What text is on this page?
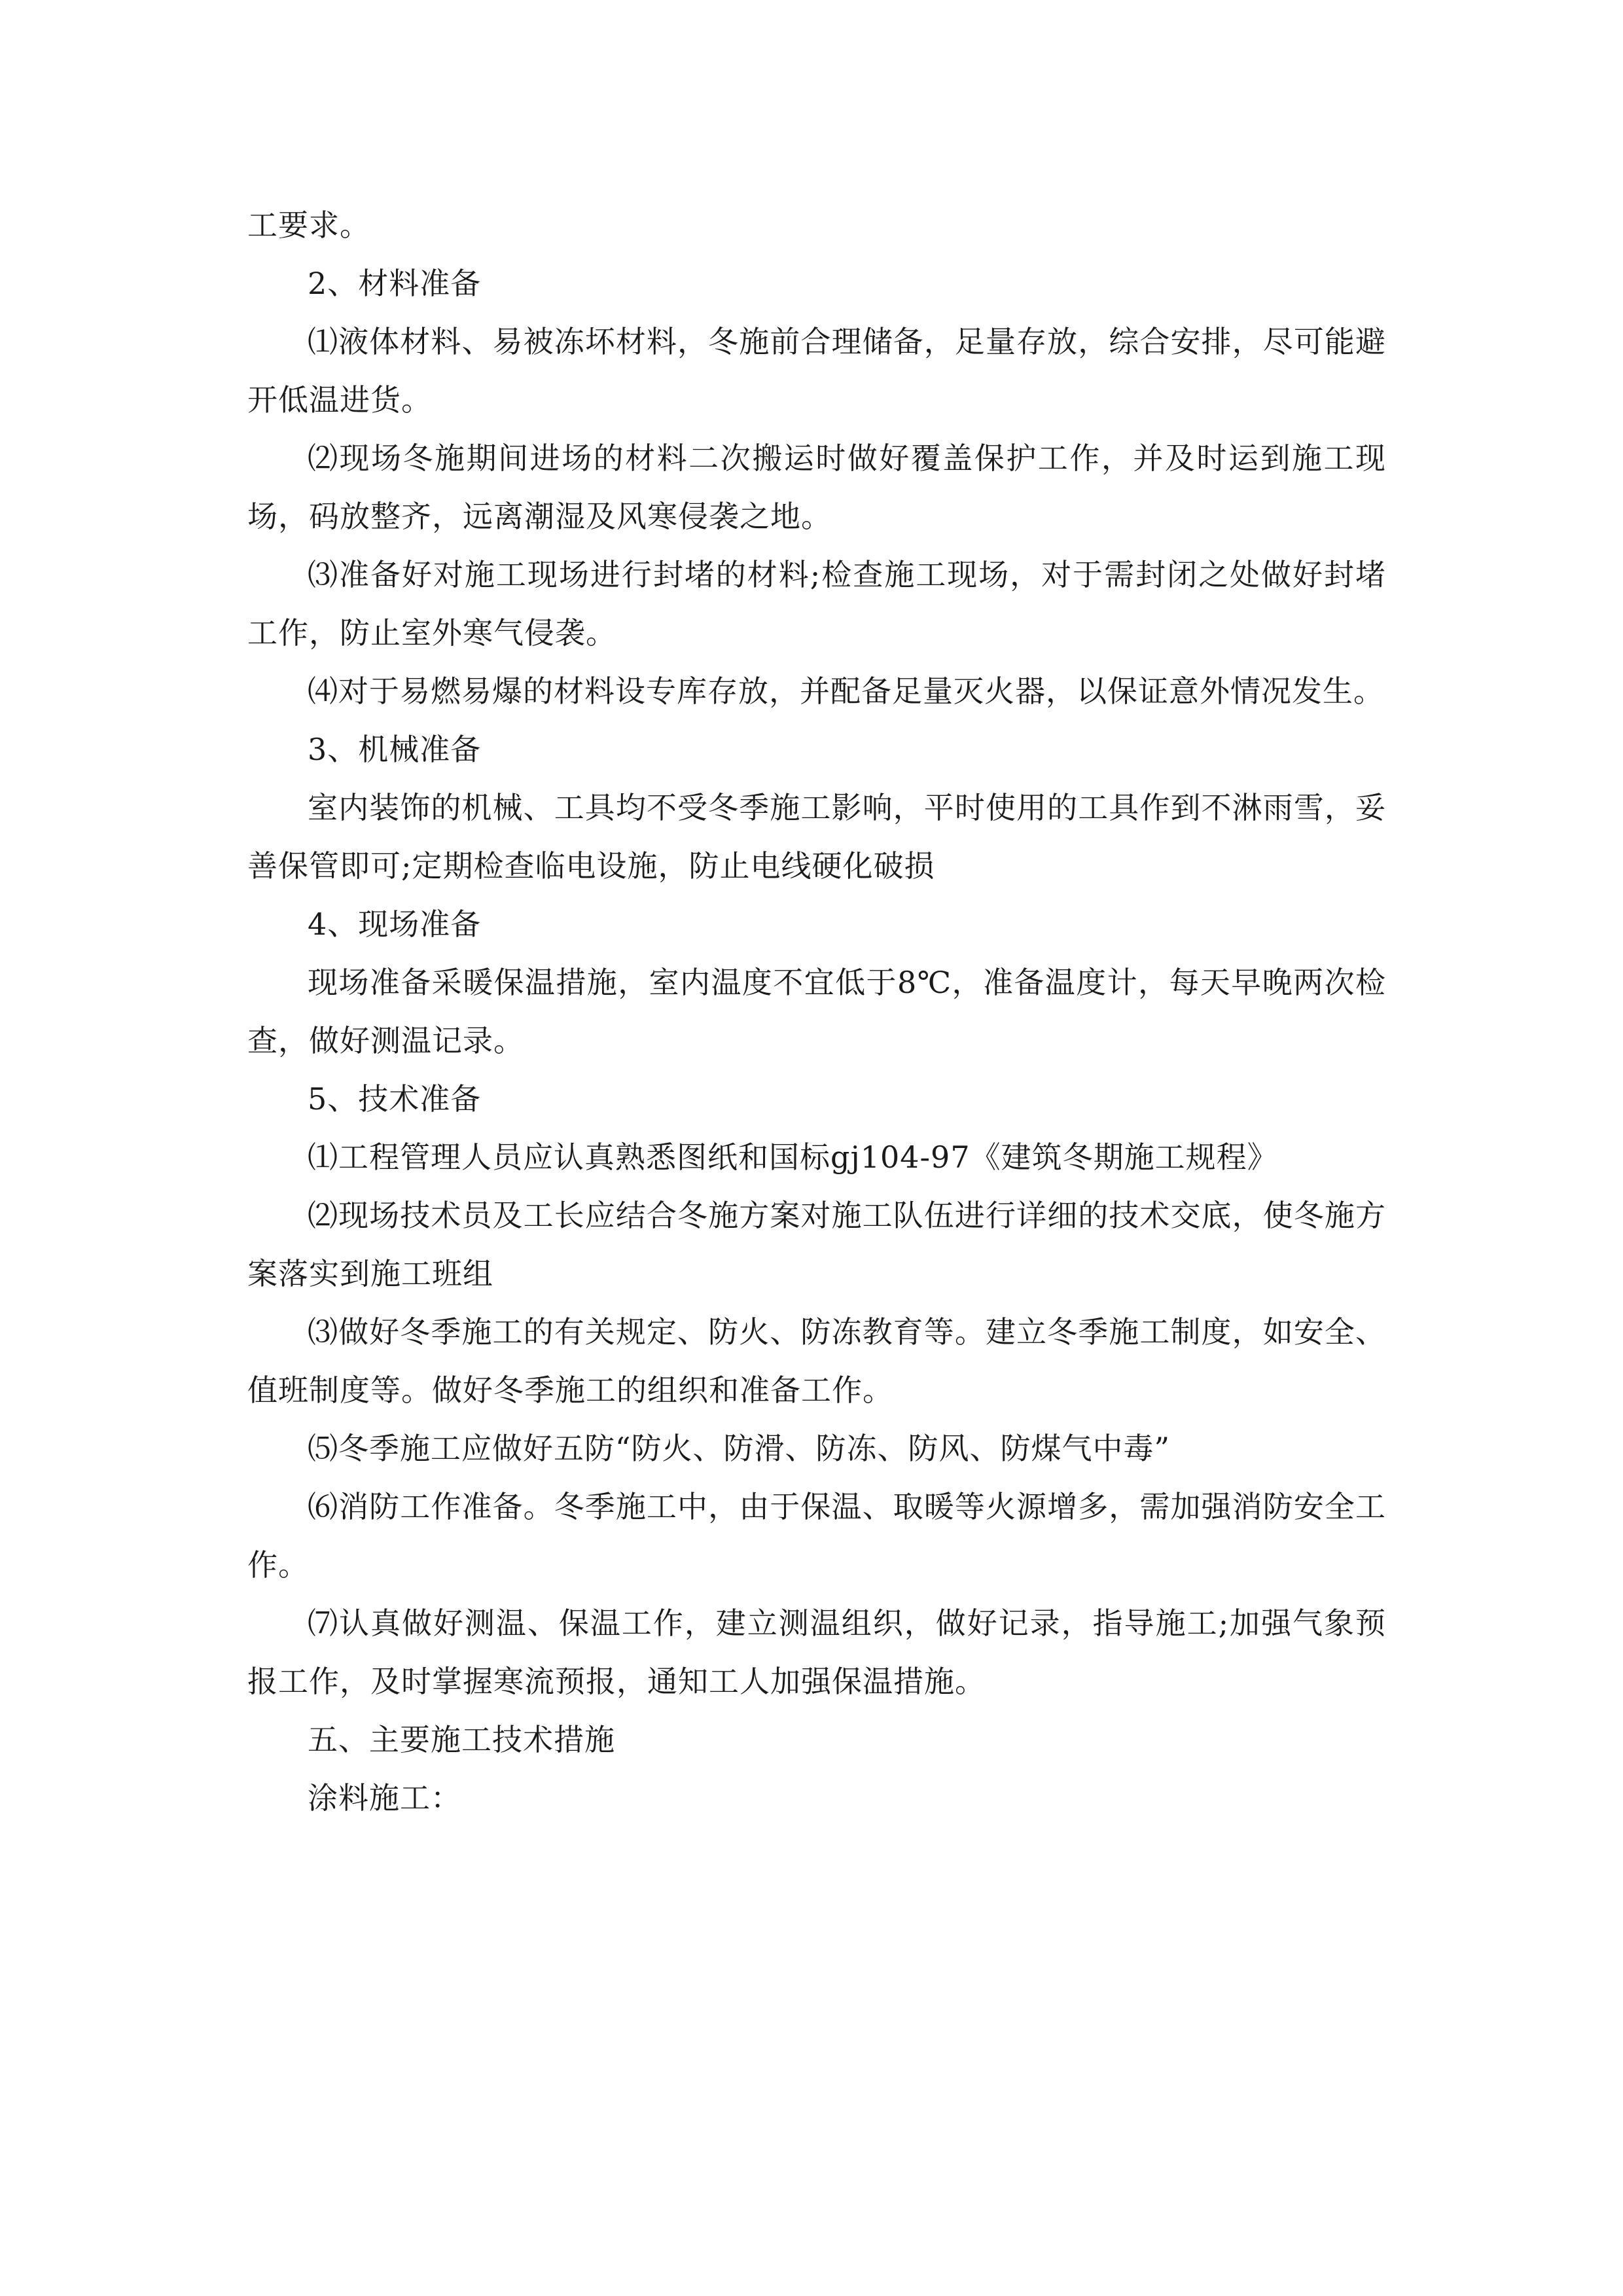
工要求。

2、材料准备

⑴液体材料、易被冻坏材料，冬施前合理储备，足量存放，综合安排，尽可能避开低温进货。

⑵现场冬施期间进场的材料二次搬运时做好覆盖保护工作，并及时运到施工现场，码放整齐，远离潮湿及风寒侵袭之地。

⑶准备好对施工现场进行封堵的材料;检查施工现场，对于需封闭之处做好封堵工作，防止室外寒气侵袭。

⑷对于易燃易爆的材料设专库存放，并配备足量灭火器，以保证意外情况发生。

3、机械准备

室内装饰的机械、工具均不受冬季施工影响，平时使用的工具作到不淋雨雪，妥善保管即可;定期检查临电设施，防止电线硬化破损

4、现场准备

现场准备采暖保温措施，室内温度不宜低于8℃，准备温度计，每天早晚两次检查，做好测温记录。

5、技术准备

⑴工程管理人员应认真熟悉图纸和国标gj104-97《建筑冬期施工规程》

⑵现场技术员及工长应结合冬施方案对施工队伍进行详细的技术交底，使冬施方案落实到施工班组

⑶做好冬季施工的有关规定、防火、防冻教育等。建立冬季施工制度，如安全、值班制度等。做好冬季施工的组织和准备工作。

⑸冬季施工应做好五防“防火、防滑、防冻、防风、防煤气中毒”

⑹消防工作准备。冬季施工中，由于保温、取暖等火源增多，需加强消防安全工作。

⑺认真做好测温、保温工作，建立测温组织，做好记录，指导施工;加强气象预报工作，及时掌握寒流预报，通知工人加强保温措施。

五、主要施工技术措施

涂料施工：
